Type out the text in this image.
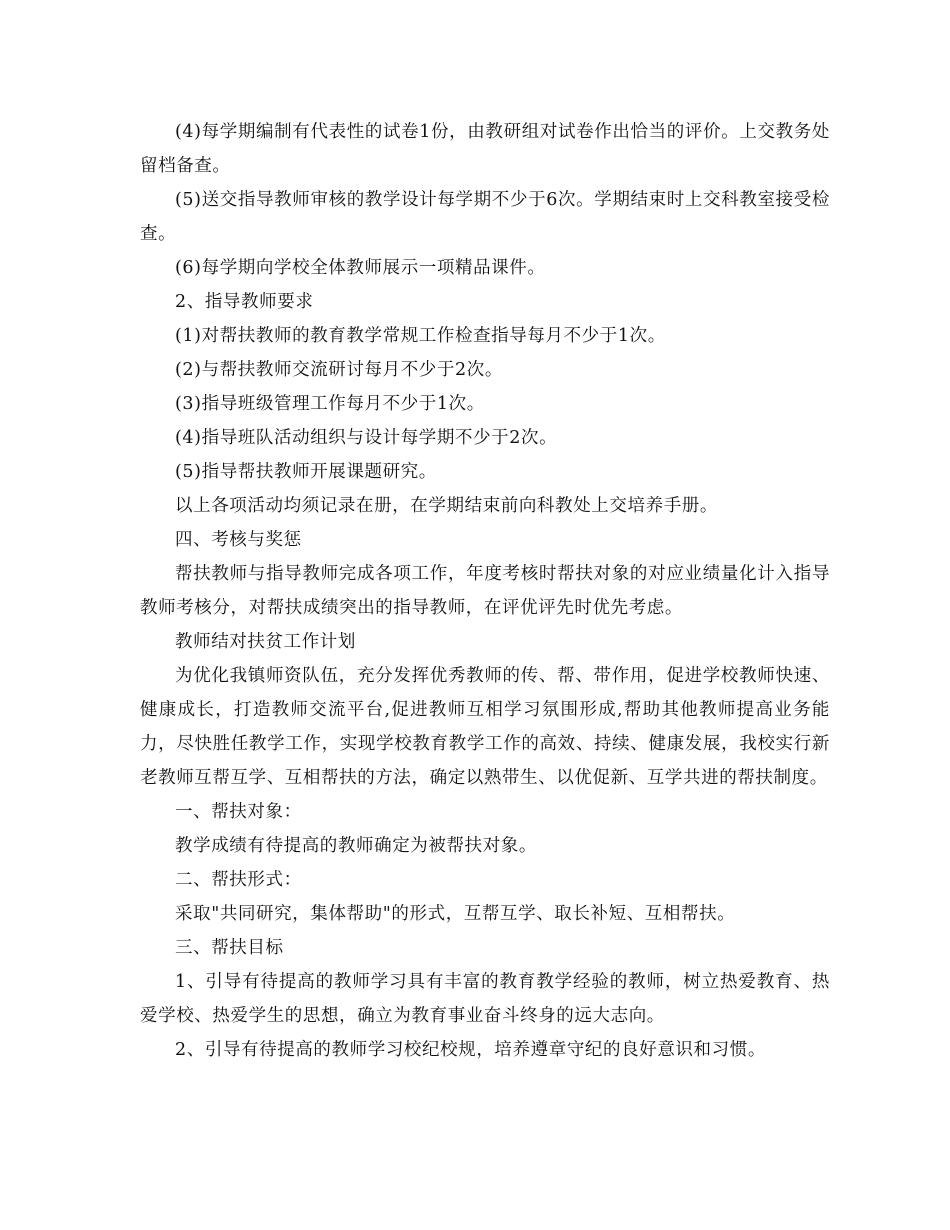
(4)每学期编制有代表性的试卷1份，由教研组对试卷作出恰当的评价。上交教务处留档备查。

(5)送交指导教师审核的教学设计每学期不少于6次。学期结束时上交科教室接受检查。

(6)每学期向学校全体教师展示一项精品课件。

2、指导教师要求

(1)对帮扶教师的教育教学常规工作检查指导每月不少于1次。

(2)与帮扶教师交流研讨每月不少于2次。

(3)指导班级管理工作每月不少于1次。

(4)指导班队活动组织与设计每学期不少于2次。

(5)指导帮扶教师开展课题研究。

以上各项活动均须记录在册，在学期结束前向科教处上交培养手册。

四、考核与奖惩

帮扶教师与指导教师完成各项工作，年度考核时帮扶对象的对应业绩量化计入指导教师考核分，对帮扶成绩突出的指导教师，在评优评先时优先考虑。

教师结对扶贫工作计划

为优化我镇师资队伍，充分发挥优秀教师的传、帮、带作用，促进学校教师快速、健康成长，打造教师交流平台,促进教师互相学习氛围形成,帮助其他教师提高业务能力，尽快胜任教学工作，实现学校教育教学工作的高效、持续、健康发展，我校实行新老教师互帮互学、互相帮扶的方法，确定以熟带生、以优促新、互学共进的帮扶制度。

一、帮扶对象：

教学成绩有待提高的教师确定为被帮扶对象。

二、帮扶形式：

采取"共同研究，集体帮助"的形式，互帮互学、取长补短、互相帮扶。

三、帮扶目标

1、引导有待提高的教师学习具有丰富的教育教学经验的教师，树立热爱教育、热爱学校、热爱学生的思想，确立为教育事业奋斗终身的远大志向。

2、引导有待提高的教师学习校纪校规，培养遵章守纪的良好意识和习惯。
